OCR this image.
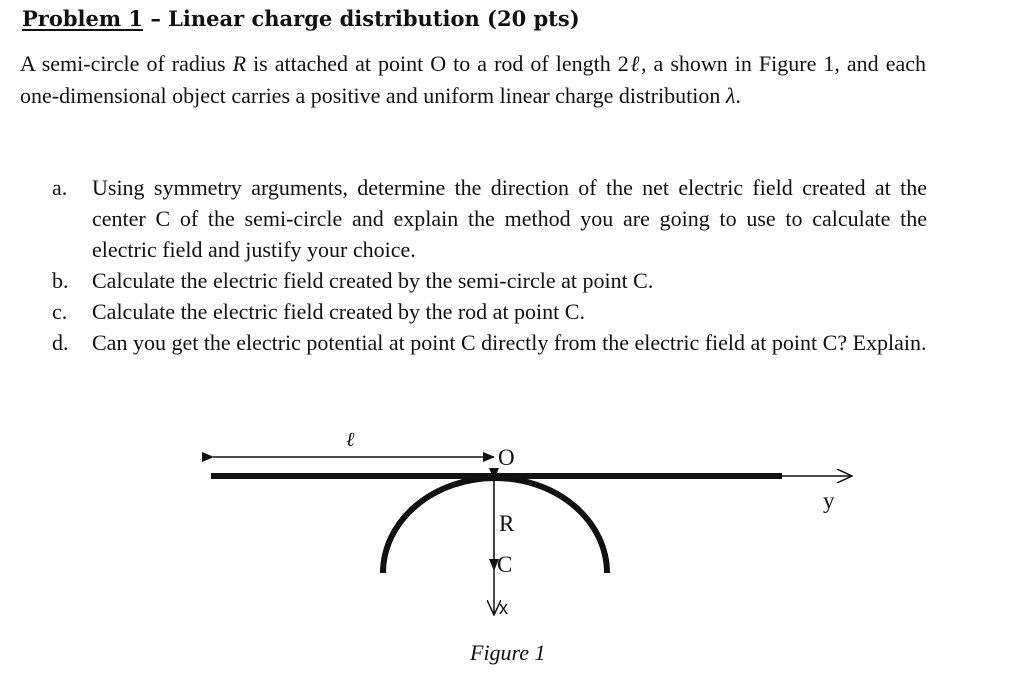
Problem 1 – Linear charge distribution (20 pts)
A semi-circle of radius R is attached at point O to a rod of length 2ℓ, a shown in Figure 1, and each one-dimensional object carries a positive and uniform linear charge distribution λ.
a. Using symmetry arguments, determine the direction of the net electric field created at the center C of the semi-circle and explain the method you are going to use to calculate the electric field and justify your choice.
b. Calculate the electric field created by the semi-circle at point C.
c. Calculate the electric field created by the rod at point C.
d. Can you get the electric potential at point C directly from the electric field at point C? Explain.
ℓ
O
y
R
C
x
Figure 1
